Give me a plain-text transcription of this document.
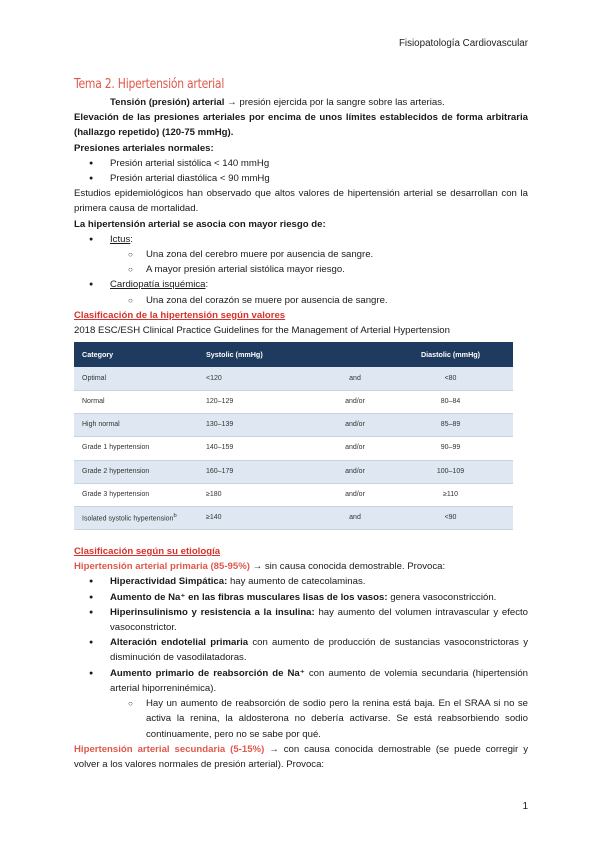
Fisiopatología Cardiovascular
Tema 2. Hipertensión arterial

Tensión (presión) arterial → presión ejercida por la sangre sobre las arterias.

Elevación de las presiones arteriales por encima de unos límites establecidos de forma arbitraria (hallazgo repetido) (120-75 mmHg).

Presiones arteriales normales:

● Presión arterial sistólica < 140 mmHg
● Presión arterial diastólica < 90 mmHg

Estudios epidemiológicos han observado que altos valores de hipertensión arterial se desarrollan con la primera causa de mortalidad.

La hipertensión arterial se asocia con mayor riesgo de:

● Ictus:
○ Una zona del cerebro muere por ausencia de sangre.
○ A mayor presión arterial sistólica mayor riesgo.
● Cardiopatía isquémica:
○ Una zona del corazón se muere por ausencia de sangre.

Clasificación de la hipertensión según valores

2018 ESC/ESH Clinical Practice Guidelines for the Management of Arterial Hypertension

Category	Systolic (mmHg)		Diastolic (mmHg)
Optimal	<120	and	<80
Normal	120–129	and/or	80–84
High normal	130–139	and/or	85–89
Grade 1 hypertension	140–159	and/or	90–99
Grade 2 hypertension	160–179	and/or	100–109
Grade 3 hypertension	≥180	and/or	≥110
Isolated systolic hypertension$^b$	≥140	and	<90

Clasificación según su etiología

Hipertensión arterial primaria (85-95%) → sin causa conocida demostrable. Provoca:

● Hiperactividad Simpática: hay aumento de catecolaminas.
● Aumento de Na⁺ en las fibras musculares lisas de los vasos: genera vasoconstricción.
● Hiperinsulinismo y resistencia a la insulina: hay aumento del volumen intravascular y efecto vasoconstrictor.
● Alteración endotelial primaria con aumento de producción de sustancias vasoconstrictoras y disminución de vasodilatadoras.
● Aumento primario de reabsorción de Na⁺ con aumento de volemia secundaria (hipertensión arterial hiporreninémica).
○ Hay un aumento de reabsorción de sodio pero la renina está baja. En el SRAA si no se activa la renina, la aldosterona no debería activarse. Se está reabsorbiendo sodio continuamente, pero no se sabe por qué.

Hipertensión arterial secundaria (5-15%) → con causa conocida demostrable (se puede corregir y volver a los valores normales de presión arterial). Provoca:

1
